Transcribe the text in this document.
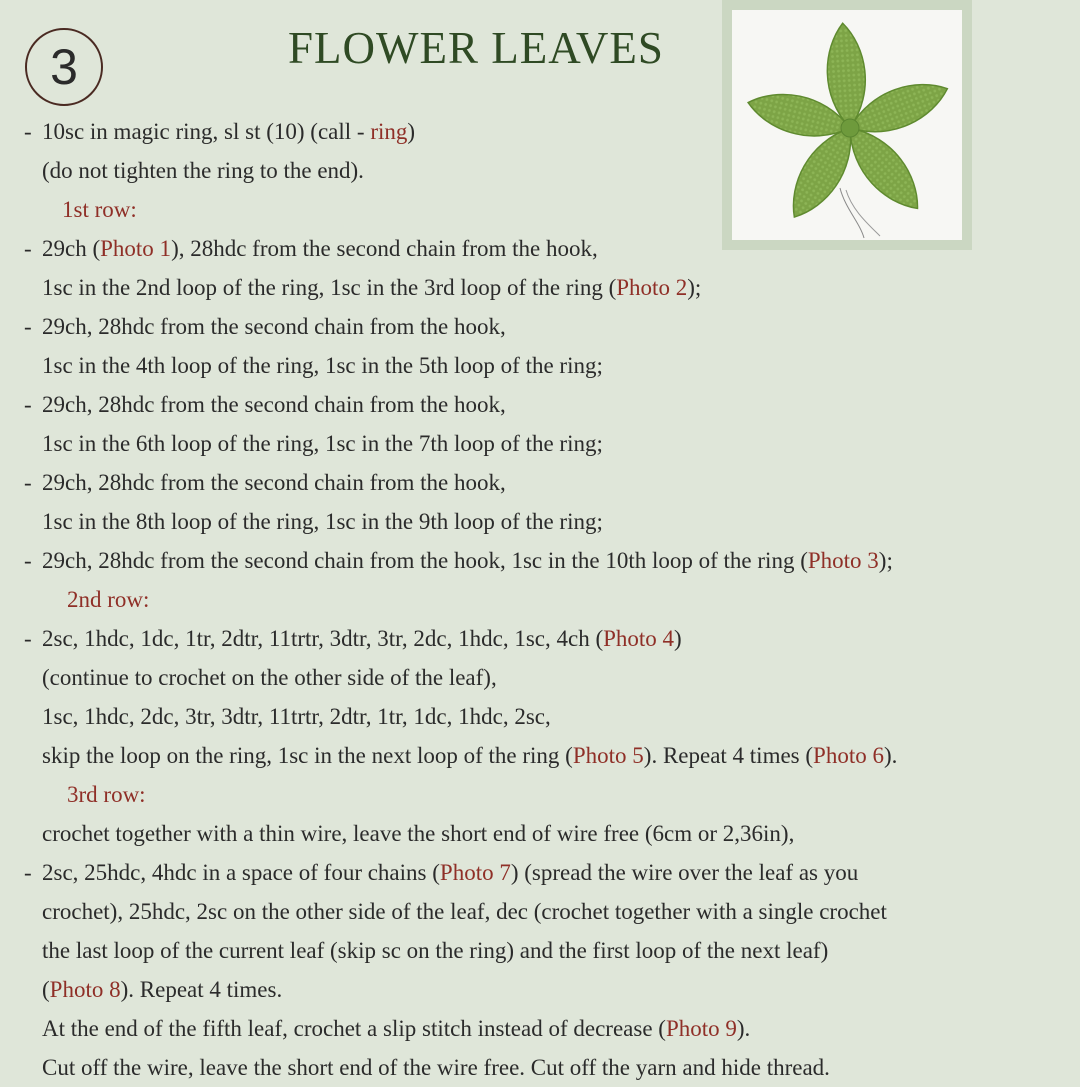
3	FLOWER LEAVES
- 10sc in magic ring, sl st (10) (call - ring)
(do not tighten the ring to the end).
1st row:
- 29ch (Photo 1), 28hdc from the second chain from the hook,
1sc in the 2nd loop of the ring, 1sc in the 3rd loop of the ring (Photo 2);
- 29ch, 28hdc from the second chain from the hook,
1sc in the 4th loop of the ring, 1sc in the 5th loop of the ring;
- 29ch, 28hdc from the second chain from the hook,
1sc in the 6th loop of the ring, 1sc in the 7th loop of the ring;
- 29ch, 28hdc from the second chain from the hook,
1sc in the 8th loop of the ring, 1sc in the 9th loop of the ring;
- 29ch, 28hdc from the second chain from the hook, 1sc in the 10th loop of the ring (Photo 3);
2nd row:
- 2sc, 1hdc, 1dc, 1tr, 2dtr, 11trtr, 3dtr, 3tr, 2dc, 1hdc, 1sc, 4ch (Photo 4)
(continue to crochet on the other side of the leaf),
1sc, 1hdc, 2dc, 3tr, 3dtr, 11trtr, 2dtr, 1tr, 1dc, 1hdc, 2sc,
skip the loop on the ring, 1sc in the next loop of the ring (Photo 5). Repeat 4 times (Photo 6).
3rd row:
crochet together with a thin wire, leave the short end of wire free (6cm or 2,36in),
- 2sc, 25hdc, 4hdc in a space of four chains (Photo 7) (spread the wire over the leaf as you
crochet), 25hdc, 2sc on the other side of the leaf, dec (crochet together with a single crochet
the last loop of the current leaf (skip sc on the ring) and the first loop of the next leaf)
(Photo 8). Repeat 4 times.
At the end of the fifth leaf, crochet a slip stitch instead of decrease (Photo 9).
Cut off the wire, leave the short end of the wire free. Cut off the yarn and hide thread.
